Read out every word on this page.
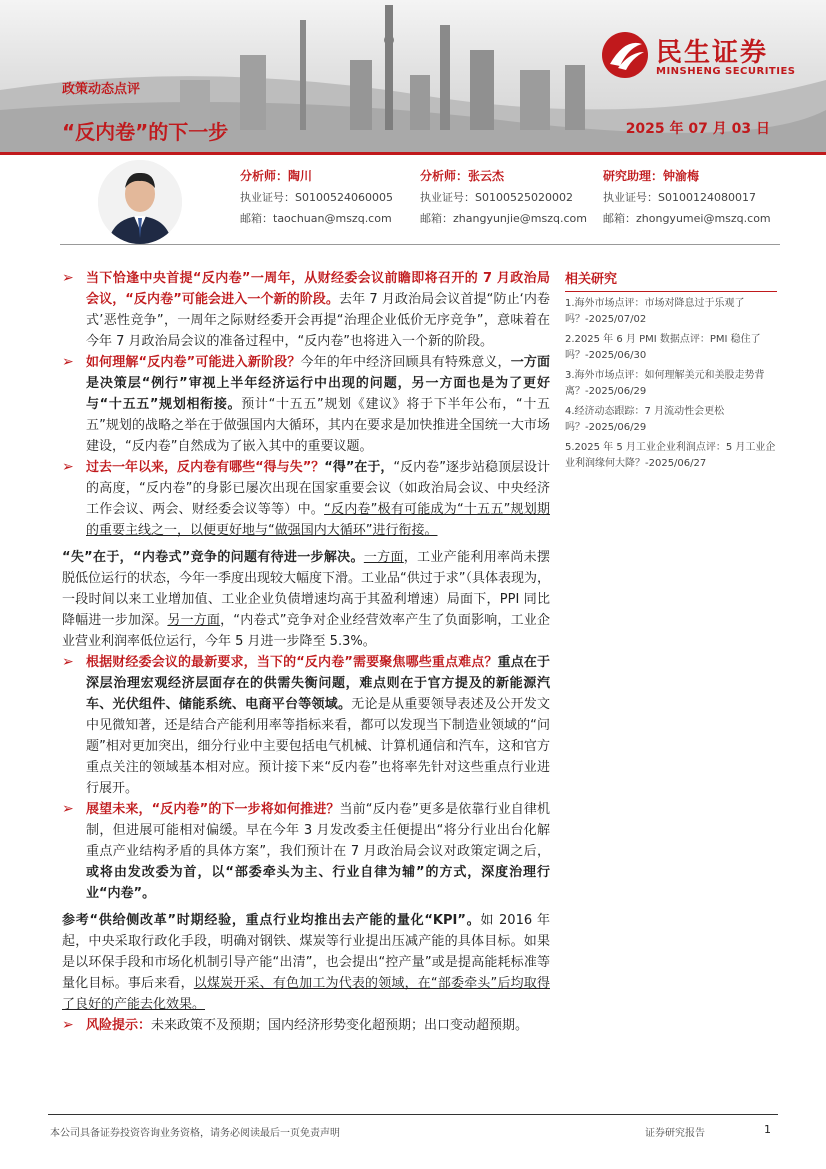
政策动态点评
“反内卷”的下一步	2025 年 07 月 03 日
民生证券
MINSHENG SECURITIES
分析师：陶川
执业证号：S0100524060005
邮箱：taochuan@mszq.com
分析师：张云杰
执业证号：S0100525020002
邮箱：zhangyunjie@mszq.com
研究助理：钟渝梅
执业证号：S0100124080017
邮箱：zhongyumei@mszq.com

➢ 当下恰逢中央首提“反内卷”一周年，从财经委会议前瞻即将召开的 7 月政治局会议，“反内卷”可能会进入一个新的阶段。去年 7 月政治局会议首提“防止‘内卷式’恶性竞争”，一周年之际财经委开会再提“治理企业低价无序竞争”，意味着在今年 7 月政治局会议的准备过程中，“反内卷”也将进入一个新的阶段。

➢ 如何理解“反内卷”可能进入新阶段？今年的年中经济回顾具有特殊意义，一方面是决策层“例行”审视上半年经济运行中出现的问题，另一方面也是为了更好与“十五五”规划相衔接。预计“十五五”规划《建议》将于下半年公布，“十五五”规划的战略之举在于做强国内大循环，其内在要求是加快推进全国统一大市场建设，“反内卷”自然成为了嵌入其中的重要议题。

➢ 过去一年以来，反内卷有哪些“得与失”？“得”在于，“反内卷”逐步站稳顶层设计的高度，“反内卷”的身影已屡次出现在国家重要会议（如政治局会议、中央经济工作会议、两会、财经委会议等等）中。“反内卷”极有可能成为“十五五”规划期的重要主线之一，以便更好地与“做强国内大循环”进行衔接。

“失”在于，“内卷式”竞争的问题有待进一步解决。一方面，工业产能利用率尚未摆脱低位运行的状态，今年一季度出现较大幅度下滑。工业品“供过于求”（具体表现为，一段时间以来工业增加值、工业企业负债增速均高于其盈利增速）局面下，PPI 同比降幅进一步加深。另一方面，“内卷式”竞争对企业经营效率产生了负面影响，工业企业营业利润率低位运行，今年 5 月进一步降至 5.3%。

➢ 根据财经委会议的最新要求，当下的“反内卷”需要聚焦哪些重点难点？重点在于深层治理宏观经济层面存在的供需失衡问题，难点则在于官方提及的新能源汽车、光伏组件、储能系统、电商平台等领域。无论是从重要领导表述及公开发文中见微知著，还是结合产能利用率等指标来看，都可以发现当下制造业领域的“问题”相对更加突出，细分行业中主要包括电气机械、计算机通信和汽车，这和官方重点关注的领域基本相对应。预计接下来“反内卷”也将率先针对这些重点行业进行展开。

➢ 展望未来，“反内卷”的下一步将如何推进？当前“反内卷”更多是依靠行业自律机制，但进展可能相对偏缓。早在今年 3 月发改委主任便提出“将分行业出台化解重点产业结构矛盾的具体方案”，我们预计在 7 月政治局会议对政策定调之后，或将由发改委为首，以“部委牵头为主、行业自律为辅”的方式，深度治理行业“内卷”。

参考“供给侧改革”时期经验，重点行业均推出去产能的量化“KPI”。如 2016 年起，中央采取行政化手段，明确对钢铁、煤炭等行业提出压减产能的具体目标。如果是以环保手段和市场化机制引导产能“出清”，也会提出“控产量”或是提高能耗标准等量化目标。事后来看，以煤炭开采、有色加工为代表的领域，在“部委牵头”后均取得了良好的产能去化效果。

➢ 风险提示：未来政策不及预期；国内经济形势变化超预期；出口变动超预期。

相关研究
1.海外市场点评：市场对降息过于乐观了吗？-2025/07/02
2.2025 年 6 月 PMI 数据点评：PMI 稳住了吗？-2025/06/30
3.海外市场点评：如何理解美元和美股走势背离？-2025/06/29
4.经济动态跟踪：7 月流动性会更松吗？-2025/06/29
5.2025 年 5 月工业企业利润点评：5 月工业企业利润缘何大降？-2025/06/27
本公司具备证券投资咨询业务资格，请务必阅读最后一页免责声明	证券研究报告	1
